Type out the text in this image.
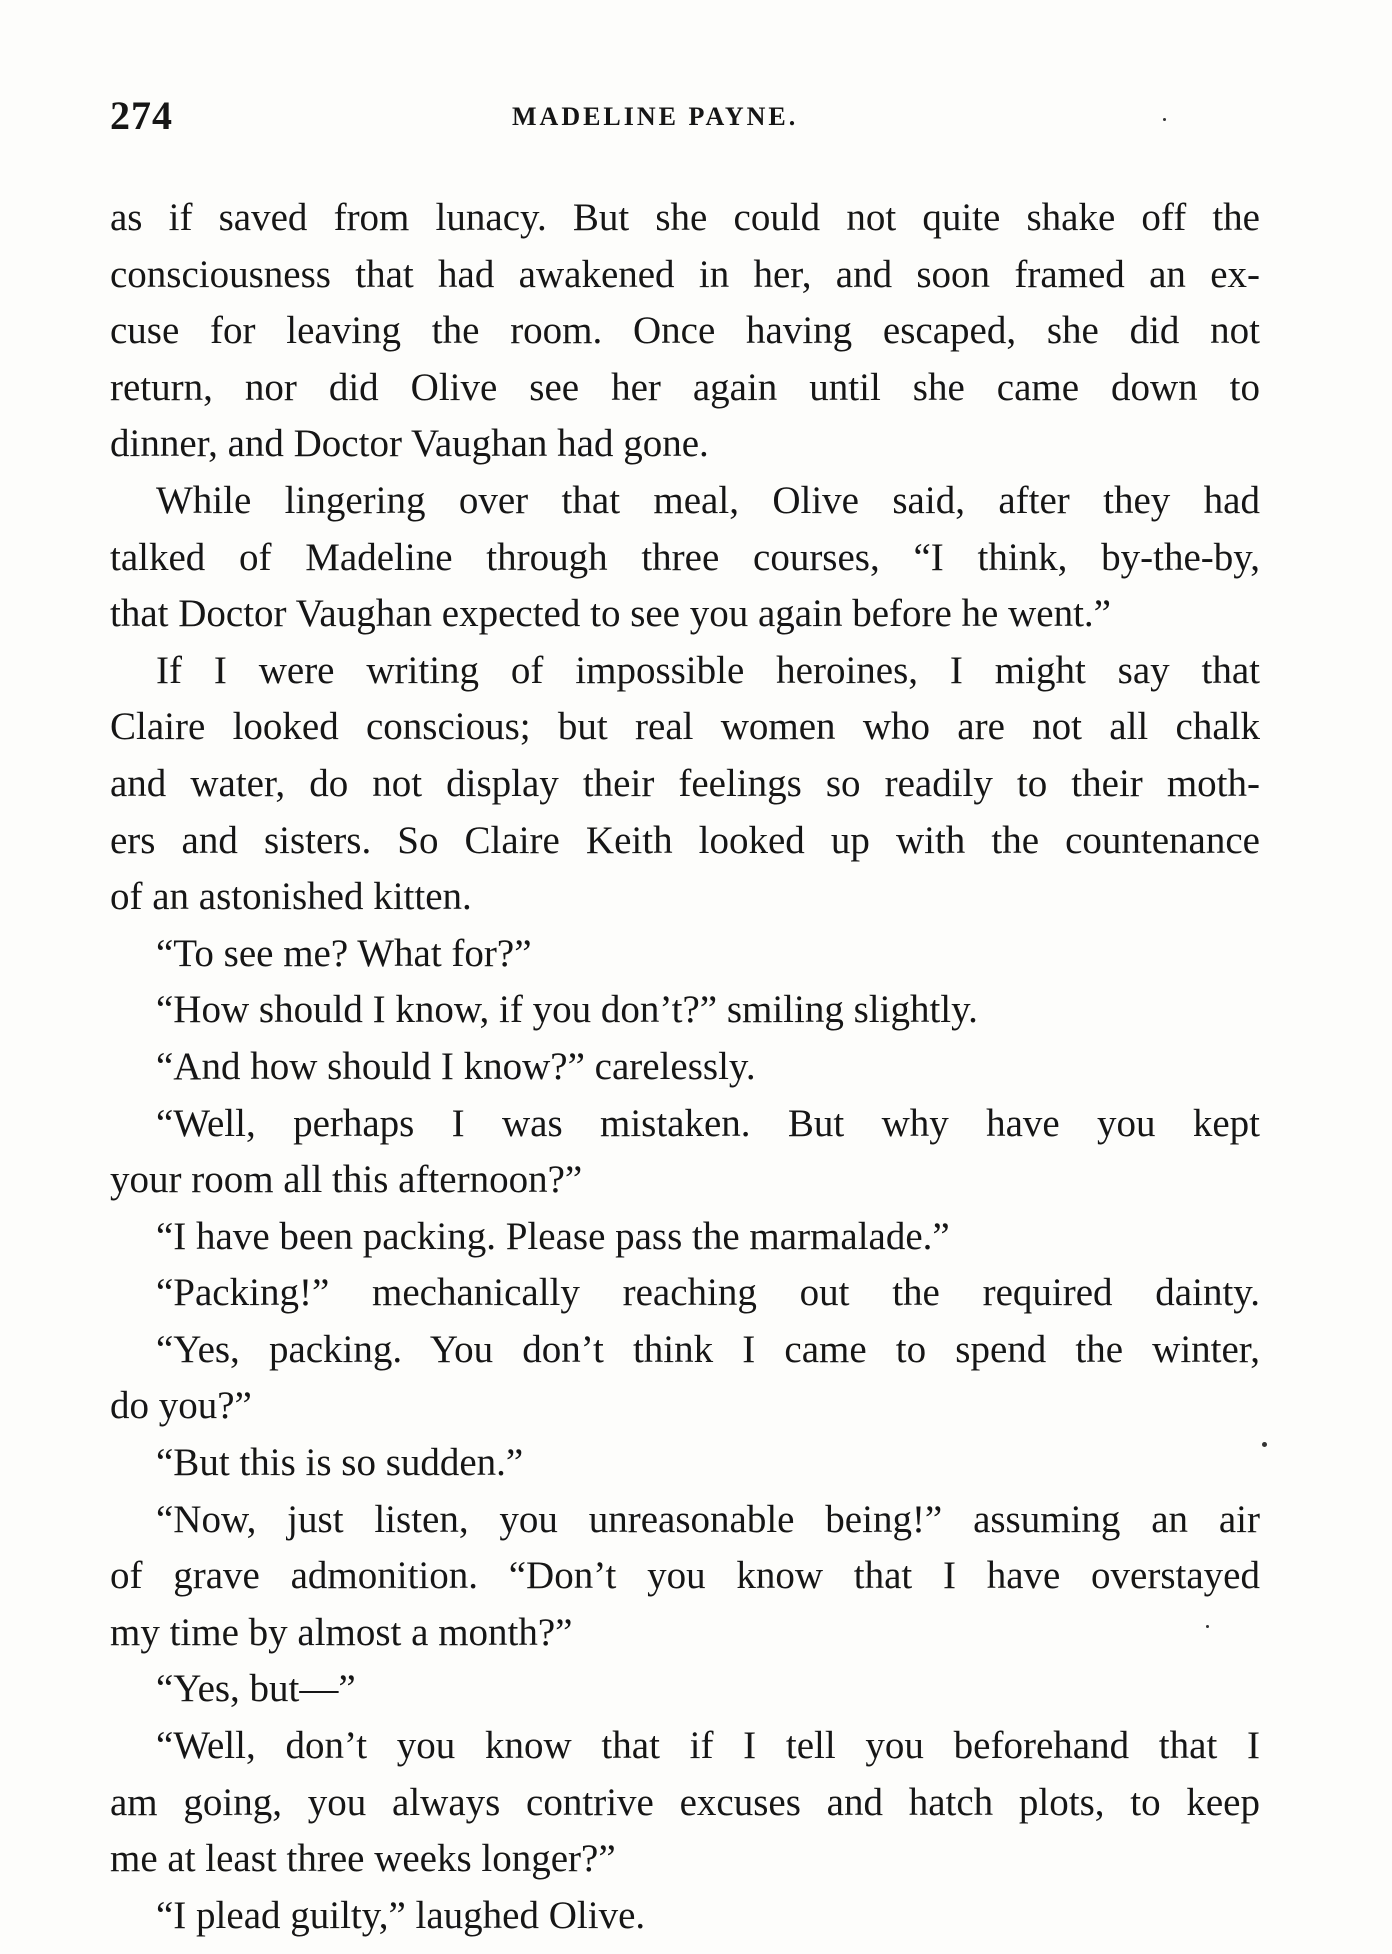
274	MADELINE PAYNE.
as if saved from lunacy. But she could not quite shake off the
consciousness that had awakened in her, and soon framed an ex-
cuse for leaving the room. Once having escaped, she did not
return, nor did Olive see her again until she came down to
dinner, and Doctor Vaughan had gone.
While lingering over that meal, Olive said, after they had
talked of Madeline through three courses, “I think, by-the-by,
that Doctor Vaughan expected to see you again before he went.”
If I were writing of impossible heroines, I might say that
Claire looked conscious; but real women who are not all chalk
and water, do not display their feelings so readily to their moth-
ers and sisters. So Claire Keith looked up with the countenance
of an astonished kitten.
“To see me? What for?”
“How should I know, if you don’t?” smiling slightly.
“And how should I know?” carelessly.
“Well, perhaps I was mistaken. But why have you kept
your room all this afternoon?”
“I have been packing. Please pass the marmalade.”
“Packing!” mechanically reaching out the required dainty.
“Yes, packing. You don’t think I came to spend the winter,
do you?”
“But this is so sudden.”
“Now, just listen, you unreasonable being!” assuming an air
of grave admonition. “Don’t you know that I have overstayed
my time by almost a month?”
“Yes, but—”
“Well, don’t you know that if I tell you beforehand that I
am going, you always contrive excuses and hatch plots, to keep
me at least three weeks longer?”
“I plead guilty,” laughed Olive.
